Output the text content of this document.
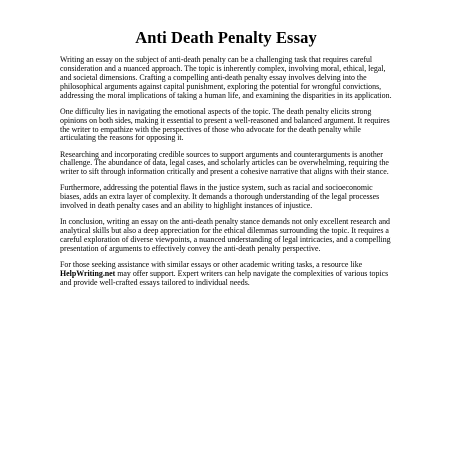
Anti Death Penalty Essay

Writing an essay on the subject of anti-death penalty can be a challenging task that requires careful consideration and a nuanced approach. The topic is inherently complex, involving moral, ethical, legal, and societal dimensions. Crafting a compelling anti-death penalty essay involves delving into the philosophical arguments against capital punishment, exploring the potential for wrongful convictions, addressing the moral implications of taking a human life, and examining the disparities in its application.

One difficulty lies in navigating the emotional aspects of the topic. The death penalty elicits strong opinions on both sides, making it essential to present a well-reasoned and balanced argument. It requires the writer to empathize with the perspectives of those who advocate for the death penalty while articulating the reasons for opposing it.

Researching and incorporating credible sources to support arguments and counterarguments is another challenge. The abundance of data, legal cases, and scholarly articles can be overwhelming, requiring the writer to sift through information critically and present a cohesive narrative that aligns with their stance.

Furthermore, addressing the potential flaws in the justice system, such as racial and socioeconomic biases, adds an extra layer of complexity. It demands a thorough understanding of the legal processes involved in death penalty cases and an ability to highlight instances of injustice.

In conclusion, writing an essay on the anti-death penalty stance demands not only excellent research and analytical skills but also a deep appreciation for the ethical dilemmas surrounding the topic. It requires a careful exploration of diverse viewpoints, a nuanced understanding of legal intricacies, and a compelling presentation of arguments to effectively convey the anti-death penalty perspective.

For those seeking assistance with similar essays or other academic writing tasks, a resource like HelpWriting.net may offer support. Expert writers can help navigate the complexities of various topics and provide well-crafted essays tailored to individual needs.
